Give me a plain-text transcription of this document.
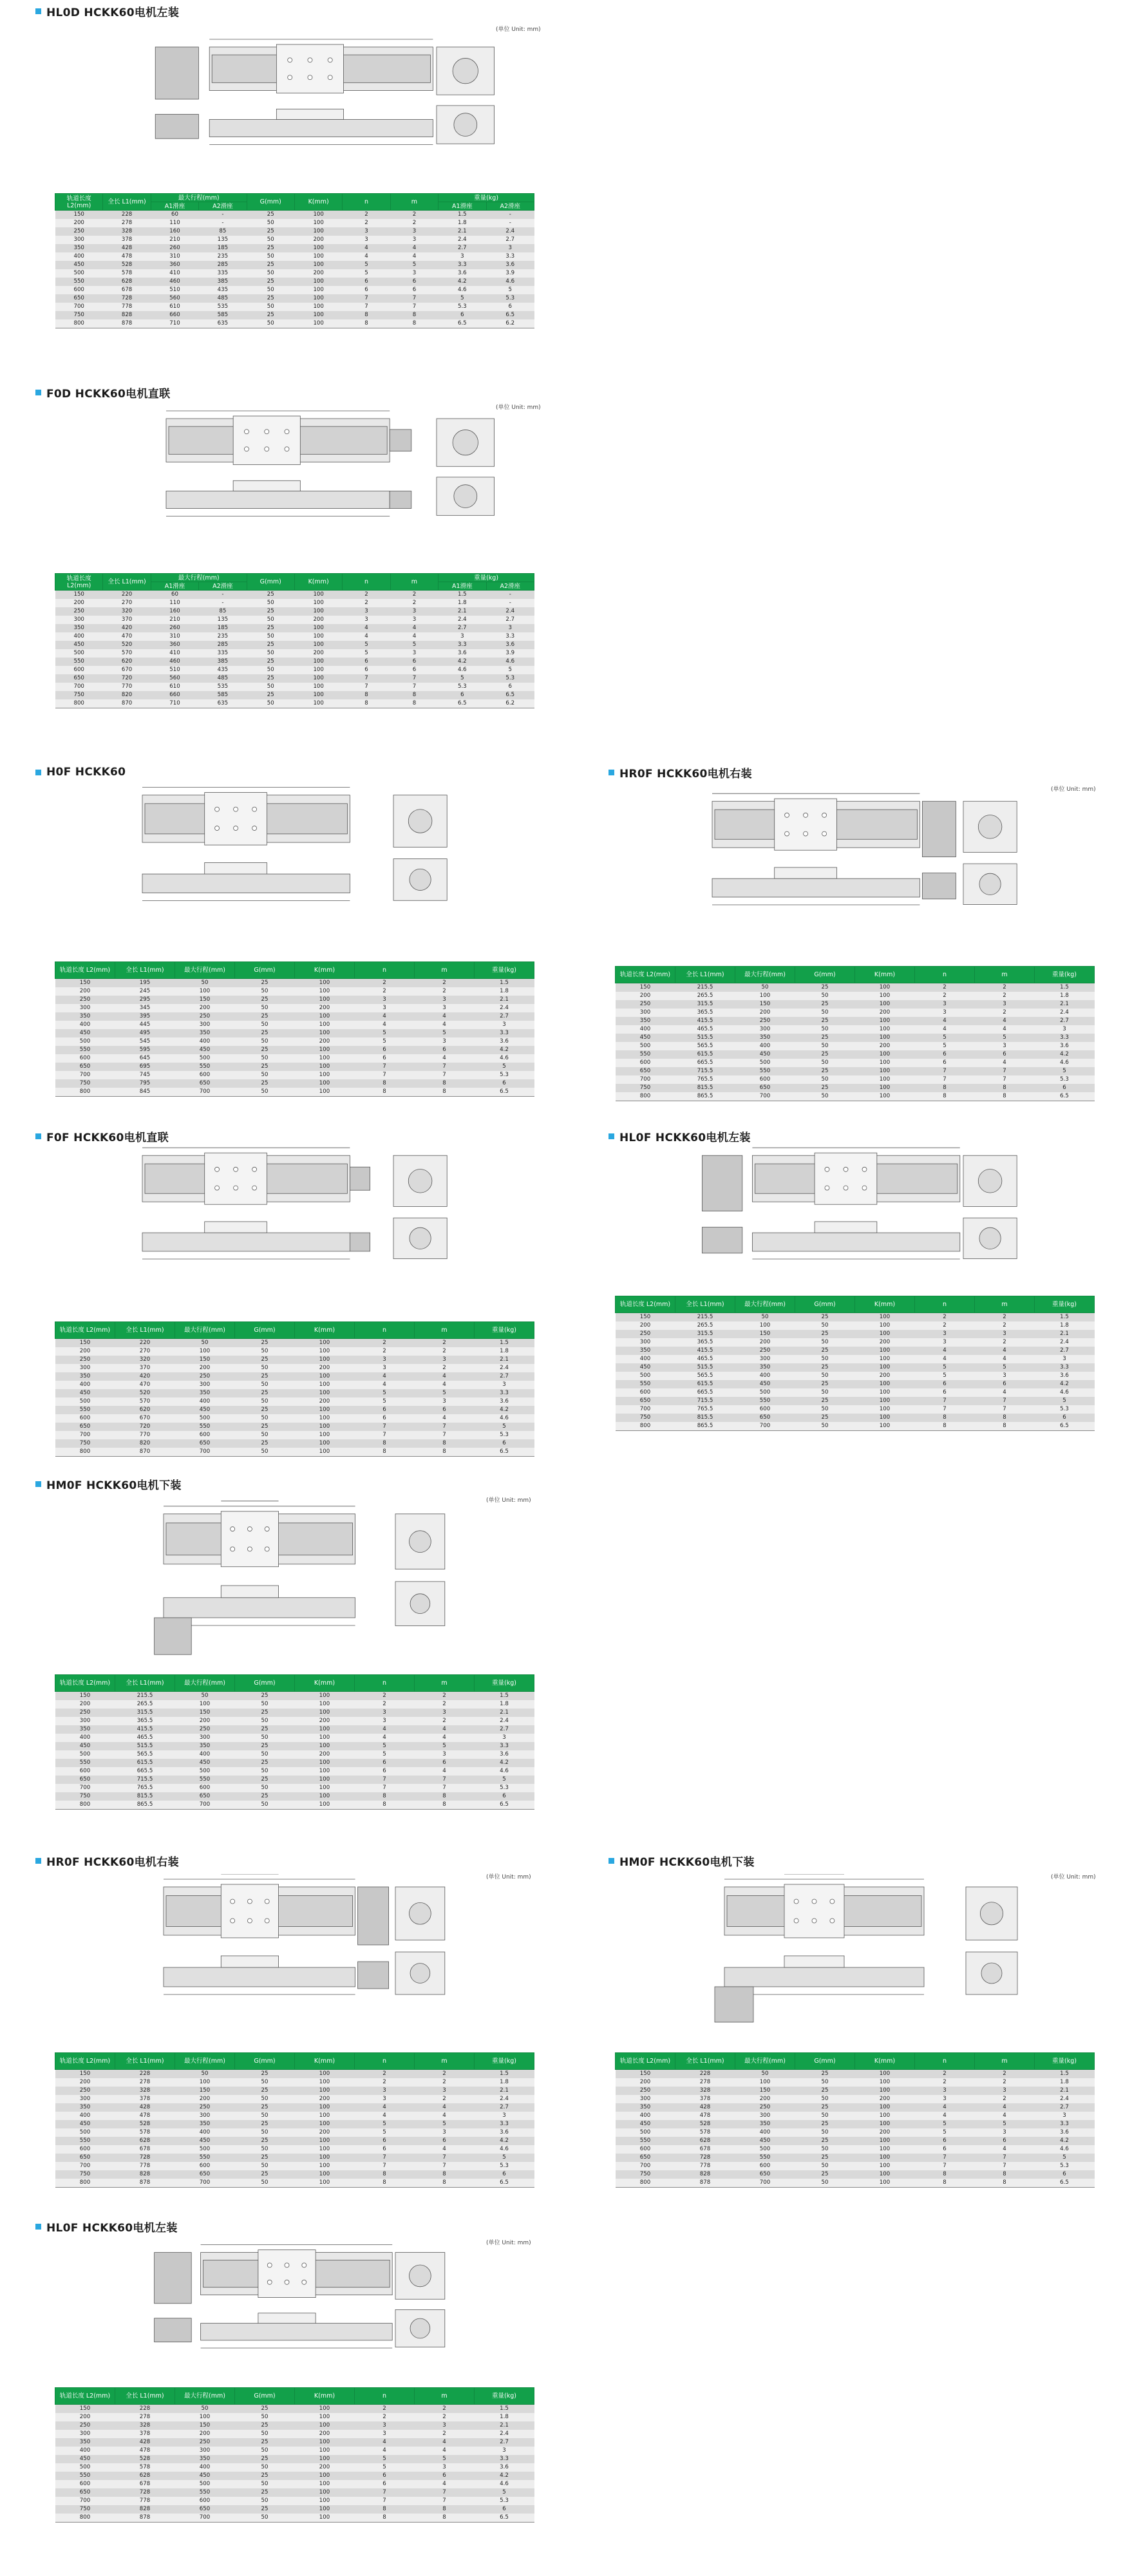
HL0D HCKK60电机左装
(单位 Unit: mm)
轨道长度 L2(mm)	全长 L1(mm)	最大行程(mm)		G(mm)	K(mm)	n	m	重量(kg)	
		A1滑座	A2滑座					A1滑座	A2滑座
150	228	60	-	25	100	2	2	1.5	-
200	278	110	-	50	100	2	2	1.8	-
250	328	160	85	25	100	3	3	2.1	2.4
300	378	210	135	50	200	3	3	2.4	2.7
350	428	260	185	25	100	4	4	2.7	3
400	478	310	235	50	100	4	4	3	3.3
450	528	360	285	25	100	5	5	3.3	3.6
500	578	410	335	50	200	5	3	3.6	3.9
550	628	460	385	25	100	6	6	4.2	4.6
600	678	510	435	50	100	6	6	4.6	5
650	728	560	485	25	100	7	7	5	5.3
700	778	610	535	50	100	7	7	5.3	6
750	828	660	585	25	100	8	8	6	6.5
800	878	710	635	50	100	8	8	6.5	6.2
F0D HCKK60电机直联
(单位 Unit: mm)
轨道长度 L2(mm)	全长 L1(mm)	最大行程(mm)		G(mm)	K(mm)	n	m	重量(kg)	
		A1滑座	A2滑座					A1滑座	A2滑座
150	220	60	-	25	100	2	2	1.5	-
200	270	110	-	50	100	2	2	1.8	-
250	320	160	85	25	100	3	3	2.1	2.4
300	370	210	135	50	200	3	3	2.4	2.7
350	420	260	185	25	100	4	4	2.7	3
400	470	310	235	50	100	4	4	3	3.3
450	520	360	285	25	100	5	5	3.3	3.6
500	570	410	335	50	200	5	3	3.6	3.9
550	620	460	385	25	100	6	6	4.2	4.6
600	670	510	435	50	100	6	6	4.6	5
650	720	560	485	25	100	7	7	5	5.3
700	770	610	535	50	100	7	7	5.3	6
750	820	660	585	25	100	8	8	6	6.5
800	870	710	635	50	100	8	8	6.5	6.2
H0F HCKK60
轨道长度 L2(mm)	全长 L1(mm)	最大行程(mm)	G(mm)	K(mm)	n	m	重量(kg)
150	195	50	25	100	2	2	1.5
200	245	100	50	100	2	2	1.8
250	295	150	25	100	3	3	2.1
300	345	200	50	200	3	3	2.4
350	395	250	25	100	4	4	2.7
400	445	300	50	100	4	4	3
450	495	350	25	100	5	5	3.3
500	545	400	50	200	5	3	3.6
550	595	450	25	100	6	6	4.2
600	645	500	50	100	6	4	4.6
650	695	550	25	100	7	7	5
700	745	600	50	100	7	7	5.3
750	795	650	25	100	8	8	6
800	845	700	50	100	8	8	6.5
HR0F HCKK60电机右装
(单位 Unit: mm)
轨道长度 L2(mm)	全长 L1(mm)	最大行程(mm)	G(mm)	K(mm)	n	m	重量(kg)
150	215.5	50	25	100	2	2	1.5
200	265.5	100	50	100	2	2	1.8
250	315.5	150	25	100	3	3	2.1
300	365.5	200	50	200	3	2	2.4
350	415.5	250	25	100	4	4	2.7
400	465.5	300	50	100	4	4	3
450	515.5	350	25	100	5	5	3.3
500	565.5	400	50	200	5	3	3.6
550	615.5	450	25	100	6	6	4.2
600	665.5	500	50	100	6	4	4.6
650	715.5	550	25	100	7	7	5
700	765.5	600	50	100	7	7	5.3
750	815.5	650	25	100	8	8	6
800	865.5	700	50	100	8	8	6.5
F0F HCKK60电机直联
轨道长度 L2(mm)	全长 L1(mm)	最大行程(mm)	G(mm)	K(mm)	n	m	重量(kg)
150	220	50	25	100	2	2	1.5
200	270	100	50	100	2	2	1.8
250	320	150	25	100	3	3	2.1
300	370	200	50	200	3	2	2.4
350	420	250	25	100	4	4	2.7
400	470	300	50	100	4	4	3
450	520	350	25	100	5	5	3.3
500	570	400	50	200	5	3	3.6
550	620	450	25	100	6	6	4.2
600	670	500	50	100	6	4	4.6
650	720	550	25	100	7	7	5
700	770	600	50	100	7	7	5.3
750	820	650	25	100	8	8	6
800	870	700	50	100	8	8	6.5
HL0F HCKK60电机左装
轨道长度 L2(mm)	全长 L1(mm)	最大行程(mm)	G(mm)	K(mm)	n	m	重量(kg)
150	215.5	50	25	100	2	2	1.5
200	265.5	100	50	100	2	2	1.8
250	315.5	150	25	100	3	3	2.1
300	365.5	200	50	200	3	2	2.4
350	415.5	250	25	100	4	4	2.7
400	465.5	300	50	100	4	4	3
450	515.5	350	25	100	5	5	3.3
500	565.5	400	50	200	5	3	3.6
550	615.5	450	25	100	6	6	4.2
600	665.5	500	50	100	6	4	4.6
650	715.5	550	25	100	7	7	5
700	765.5	600	50	100	7	7	5.3
750	815.5	650	25	100	8	8	6
800	865.5	700	50	100	8	8	6.5
HM0F HCKK60电机下装
(单位 Unit: mm)
轨道长度 L2(mm)	全长 L1(mm)	最大行程(mm)	G(mm)	K(mm)	n	m	重量(kg)
150	215.5	50	25	100	2	2	1.5
200	265.5	100	50	100	2	2	1.8
250	315.5	150	25	100	3	3	2.1
300	365.5	200	50	200	3	2	2.4
350	415.5	250	25	100	4	4	2.7
400	465.5	300	50	100	4	4	3
450	515.5	350	25	100	5	5	3.3
500	565.5	400	50	200	5	3	3.6
550	615.5	450	25	100	6	6	4.2
600	665.5	500	50	100	6	4	4.6
650	715.5	550	25	100	7	7	5
700	765.5	600	50	100	7	7	5.3
750	815.5	650	25	100	8	8	6
800	865.5	700	50	100	8	8	6.5
HR0F HCKK60电机右装
(单位 Unit: mm)
轨道长度 L2(mm)	全长 L1(mm)	最大行程(mm)	G(mm)	K(mm)	n	m	重量(kg)
150	228	50	25	100	2	2	1.5
200	278	100	50	100	2	2	1.8
250	328	150	25	100	3	3	2.1
300	378	200	50	200	3	2	2.4
350	428	250	25	100	4	4	2.7
400	478	300	50	100	4	4	3
450	528	350	25	100	5	5	3.3
500	578	400	50	200	5	3	3.6
550	628	450	25	100	6	6	4.2
600	678	500	50	100	6	4	4.6
650	728	550	25	100	7	7	5
700	778	600	50	100	7	7	5.3
750	828	650	25	100	8	8	6
800	878	700	50	100	8	8	6.5
HM0F HCKK60电机下装
(单位 Unit: mm)
轨道长度 L2(mm)	全长 L1(mm)	最大行程(mm)	G(mm)	K(mm)	n	m	重量(kg)
150	228	50	25	100	2	2	1.5
200	278	100	50	100	2	2	1.8
250	328	150	25	100	3	3	2.1
300	378	200	50	200	3	2	2.4
350	428	250	25	100	4	4	2.7
400	478	300	50	100	4	4	3
450	528	350	25	100	5	5	3.3
500	578	400	50	200	5	3	3.6
550	628	450	25	100	6	6	4.2
600	678	500	50	100	6	4	4.6
650	728	550	25	100	7	7	5
700	778	600	50	100	7	7	5.3
750	828	650	25	100	8	8	6
800	878	700	50	100	8	8	6.5
HL0F HCKK60电机左装
(单位 Unit: mm)
轨道长度 L2(mm)	全长 L1(mm)	最大行程(mm)	G(mm)	K(mm)	n	m	重量(kg)
150	228	50	25	100	2	2	1.5
200	278	100	50	100	2	2	1.8
250	328	150	25	100	3	3	2.1
300	378	200	50	200	3	2	2.4
350	428	250	25	100	4	4	2.7
400	478	300	50	100	4	4	3
450	528	350	25	100	5	5	3.3
500	578	400	50	200	5	3	3.6
550	628	450	25	100	6	6	4.2
600	678	500	50	100	6	4	4.6
650	728	550	25	100	7	7	5
700	778	600	50	100	7	7	5.3
750	828	650	25	100	8	8	6
800	878	700	50	100	8	8	6.5
